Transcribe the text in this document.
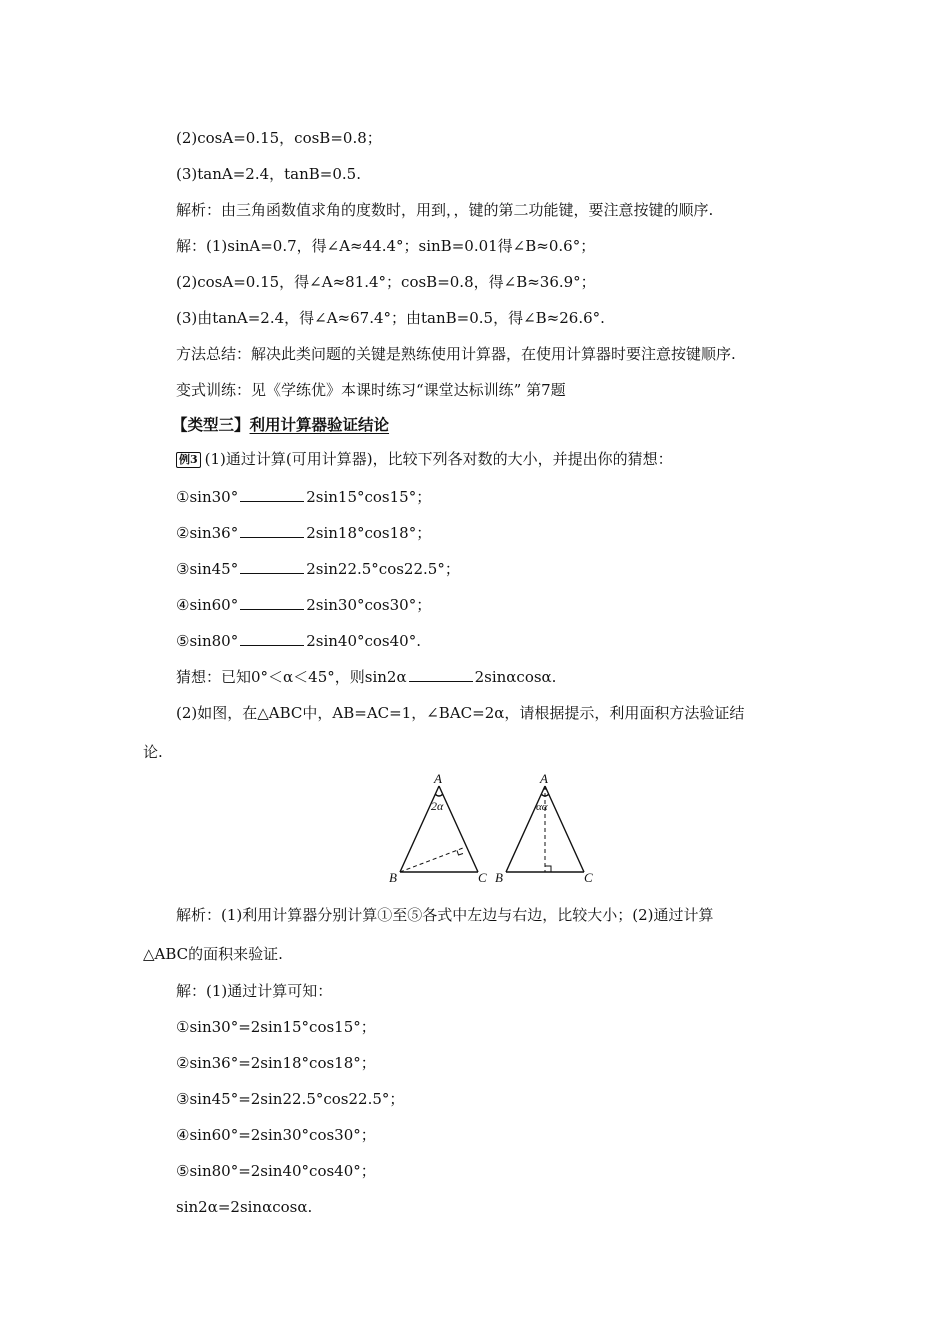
(2)cosA=0.15，cosB=0.8；
(3)tanA=2.4，tanB=0.5.
解析：由三角函数值求角的度数时，用到，，键的第二功能键，要注意按键的顺序.
解：(1)sinA=0.7，得∠A≈44.4°；sinB=0.01得∠B≈0.6°；
(2)cosA=0.15，得∠A≈81.4°；cosB=0.8，得∠B≈36.9°；
(3)由tanA=2.4，得∠A≈67.4°；由tanB=0.5，得∠B≈26.6°.
方法总结：解决此类问题的关键是熟练使用计算器，在使用计算器时要注意按键顺序.
变式训练：见《学练优》本课时练习“课堂达标训练” 第7题
【类型三】利用计算器验证结论
例3 (1)通过计算(可用计算器)，比较下列各对数的大小，并提出你的猜想：
①sin30°	2sin15°cos15°；
②sin36°	2sin18°cos18°；
③sin45°	2sin22.5°cos22.5°；
④sin60°	2sin30°cos30°；
⑤sin80°	2sin40°cos40°.
猜想：已知0°＜α＜45°，则sin2α	2sinαcosα.
(2)如图，在△ABC中，AB=AC=1，∠BAC=2α，请根据提示，利用面积方法验证结
论.
A
B	C
2α
A
B	C
αα
解析：(1)利用计算器分别计算①至⑤各式中左边与右边，比较大小；(2)通过计算
△ABC的面积来验证.
解：(1)通过计算可知：
①sin30°=2sin15°cos15°；
②sin36°=2sin18°cos18°；
③sin45°=2sin22.5°cos22.5°；
④sin60°=2sin30°cos30°；
⑤sin80°=2sin40°cos40°；
sin2α=2sinαcosα.
